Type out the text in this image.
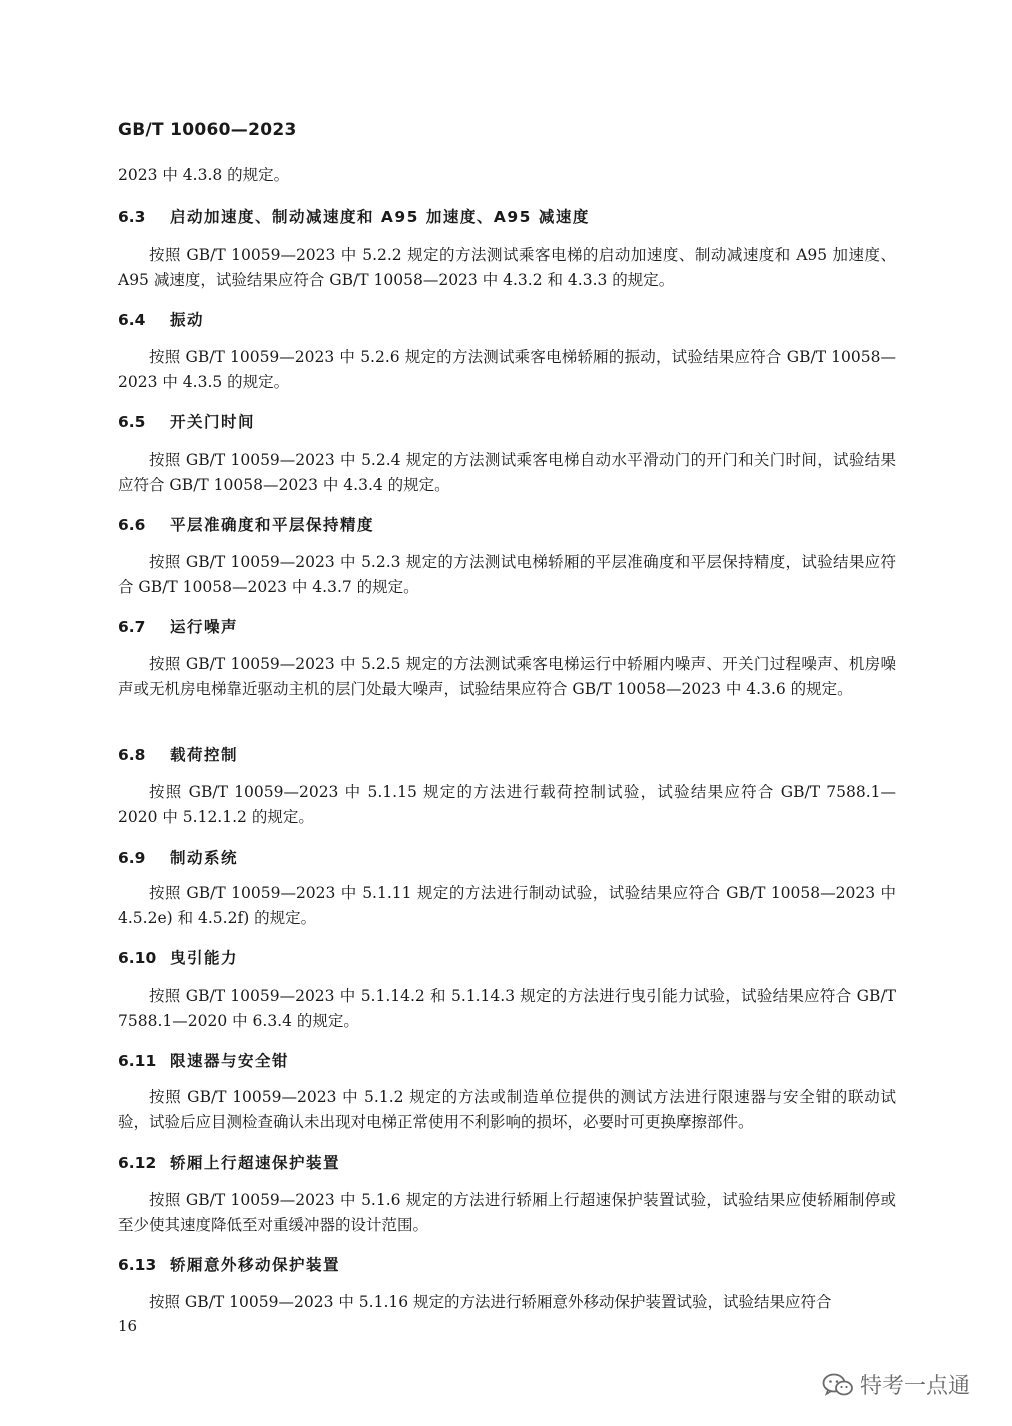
GB/T 10060—2023
2023 中 4.3.8 的规定。
6.3 启动加速度、制动减速度和 A95 加速度、A95 减速度
按照 GB/T 10059—2023 中 5.2.2 规定的方法测试乘客电梯的启动加速度、制动减速度和 A95 加速度、A95 减速度，试验结果应符合 GB/T 10058—2023 中 4.3.2 和 4.3.3 的规定。
6.4 振动
按照 GB/T 10059—2023 中 5.2.6 规定的方法测试乘客电梯轿厢的振动，试验结果应符合 GB/T 10058—2023 中 4.3.5 的规定。
6.5 开关门时间
按照 GB/T 10059—2023 中 5.2.4 规定的方法测试乘客电梯自动水平滑动门的开门和关门时间，试验结果应符合 GB/T 10058—2023 中 4.3.4 的规定。
6.6 平层准确度和平层保持精度
按照 GB/T 10059—2023 中 5.2.3 规定的方法测试电梯轿厢的平层准确度和平层保持精度，试验结果应符合 GB/T 10058—2023 中 4.3.7 的规定。
6.7 运行噪声
按照 GB/T 10059—2023 中 5.2.5 规定的方法测试乘客电梯运行中轿厢内噪声、开关门过程噪声、机房噪声或无机房电梯靠近驱动主机的层门处最大噪声，试验结果应符合 GB/T 10058—2023 中 4.3.6 的规定。
6.8 载荷控制
按照 GB/T 10059—2023 中 5.1.15 规定的方法进行载荷控制试验，试验结果应符合 GB/T 7588.1—2020 中 5.12.1.2 的规定。
6.9 制动系统
按照 GB/T 10059—2023 中 5.1.11 规定的方法进行制动试验，试验结果应符合 GB/T 10058—2023 中 4.5.2e) 和 4.5.2f) 的规定。
6.10 曳引能力
按照 GB/T 10059—2023 中 5.1.14.2 和 5.1.14.3 规定的方法进行曳引能力试验，试验结果应符合 GB/T 7588.1—2020 中 6.3.4 的规定。
6.11 限速器与安全钳
按照 GB/T 10059—2023 中 5.1.2 规定的方法或制造单位提供的测试方法进行限速器与安全钳的联动试验，试验后应目测检查确认未出现对电梯正常使用不利影响的损坏，必要时可更换摩擦部件。
6.12 轿厢上行超速保护装置
按照 GB/T 10059—2023 中 5.1.6 规定的方法进行轿厢上行超速保护装置试验，试验结果应使轿厢制停或至少使其速度降低至对重缓冲器的设计范围。
6.13 轿厢意外移动保护装置
按照 GB/T 10059—2023 中 5.1.16 规定的方法进行轿厢意外移动保护装置试验，试验结果应符合
16
特考一点通
